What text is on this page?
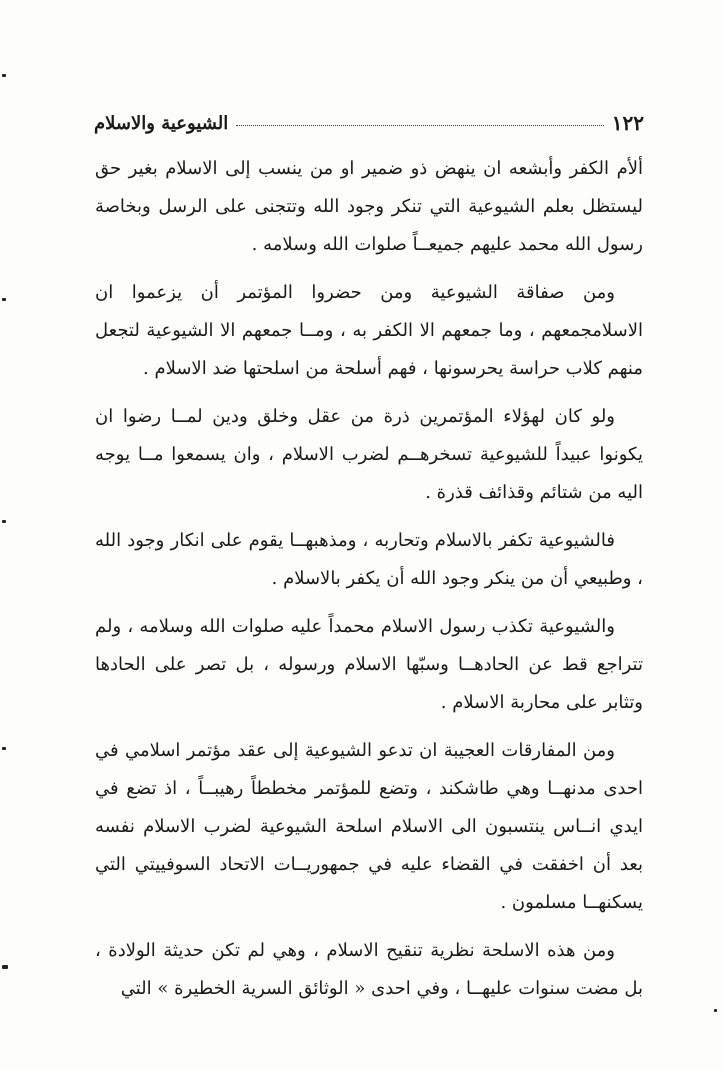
١٢٢
الشيوعية والاسلام

ألأم الكفر وأبشعه ان ينهض ذو ضمير او من ينسب إلى الاسلام بغير حق ليستظل بعلم الشيوعية التي تنكر وجود الله وتتجنى على الرسل وبخاصة رسول الله محمد عليهم جميعــاً صلوات الله وسلامه .

ومن صفاقة الشيوعية ومن حضروا المؤتمر أن يزعموا ان الاسلامجمعهم ، وما جمعهم الا الكفر به ، ومــا جمعهم الا الشيوعية لتجعل منهم كلاب حراسة يحرسونها ، فهم أسلحة من اسلحتها ضد الاسلام .

ولو كان لهؤلاء المؤتمرين ذرة من عقل وخلق ودين لمــا رضوا ان يكونوا عبيداً للشيوعية تسخرهــم لضرب الاسلام ، وان يسمعوا مــا يوجه اليه من شتائم وقذائف قذرة .

فالشيوعية تكفر بالاسلام وتحاربه ، ومذهبهــا يقوم على انكار وجود الله ، وطبيعي أن من ينكر وجود الله أن يكفر بالاسلام .

والشيوعية تكذب رسول الاسلام محمداً عليه صلوات الله وسلامه ، ولم تتراجع قط عن الحادهــا وسبّها الاسلام ورسوله ، بل تصر على الحادها وتثابر على محاربة الاسلام .

ومن المفارقات العجيبة ان تدعو الشيوعية إلى عقد مؤتمر اسلامي في احدى مدنهــا وهي طاشكند ، وتضع للمؤتمر مخططاً رهيبــاً ، اذ تضع في ايدي انــاس ينتسبون الى الاسلام اسلحة الشيوعية لضرب الاسلام نفسه بعد أن اخفقت في القضاء عليه في جمهوريــات الاتحاد السوفييتي التي يسكنهــا مسلمون .

ومن هذه الاسلحة نظرية تنقيح الاسلام ، وهي لم تكن حديثة الولادة ، بل مضت سنوات عليهــا ، وفي احدى « الوثائق السرية الخطيرة » التي
